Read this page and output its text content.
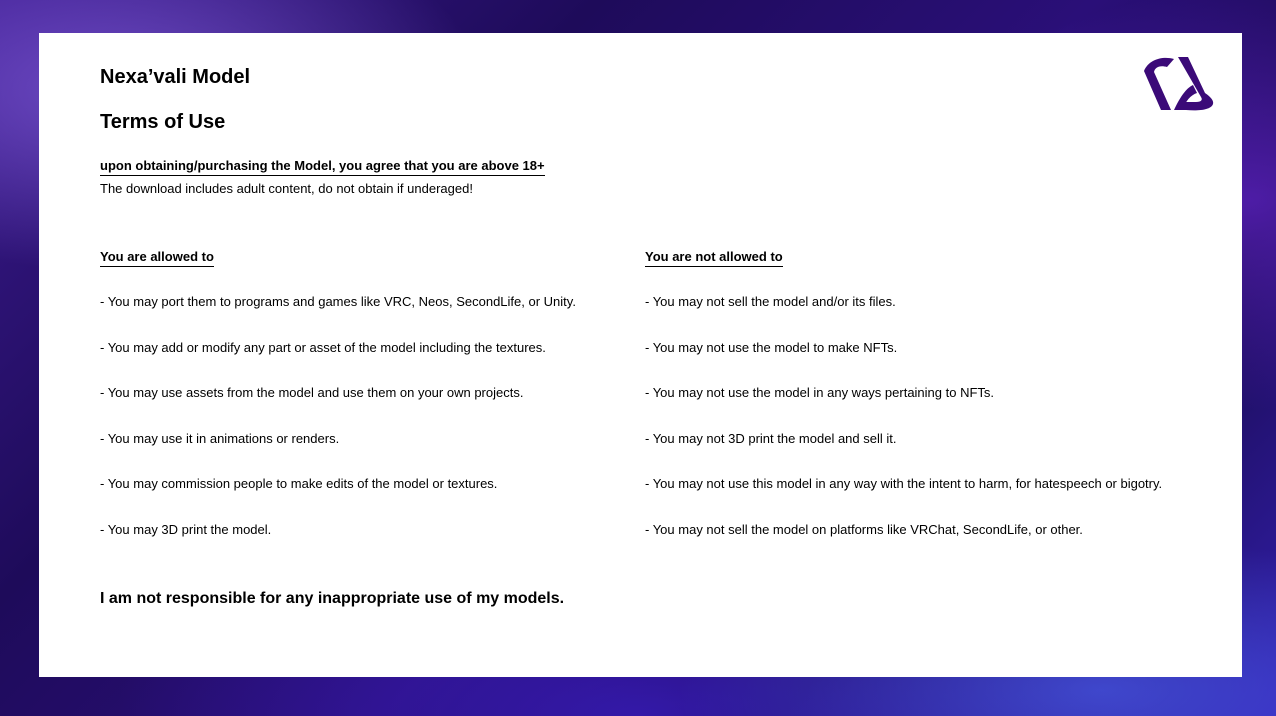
Nexa’vali Model
Terms of Use
upon obtaining/purchasing the Model, you agree that you are above 18+
The download includes adult content, do not obtain if underaged!
You are allowed to
- You may port them to programs and games like VRC, Neos, SecondLife, or Unity.
- You may add or modify any part or asset of the model including the textures.
- You may use assets from the model and use them on your own projects.
- You may use it in animations or renders.
- You may commission people to make edits of the model or textures.
- You may 3D print the model.
You are not allowed to
- You may not sell the model and/or its files.
- You may not use the model to make NFTs.
- You may not use the model in any ways pertaining to NFTs.
- You may not 3D print the model and sell it.
- You may not use this model in any way with the intent to harm, for hatespeech or bigotry.
- You may not sell the model on platforms like VRChat, SecondLife, or other.
I am not responsible for any inappropriate use of my models.
